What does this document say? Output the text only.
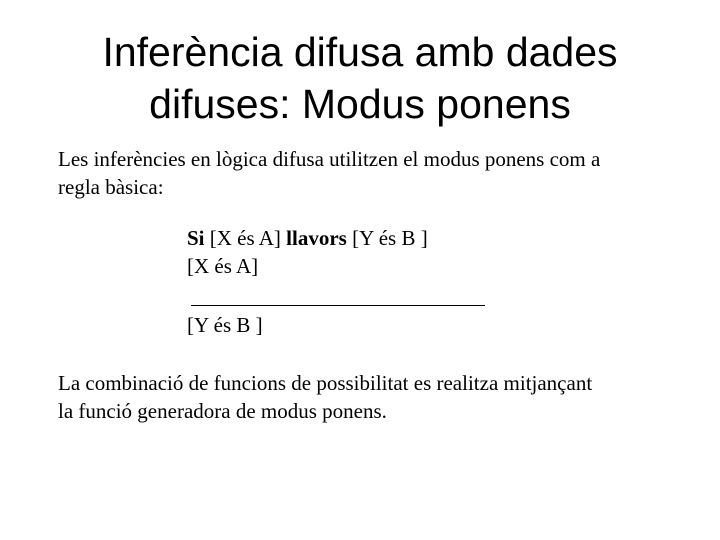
Inferència difusa amb dades
difuses: Modus ponens

Les inferències en lògica difusa utilitzen el modus ponens com a
regla bàsica:

Si [X és A] llavors [Y és B ]
[X és A]
[Y és B ]

La combinació de funcions de possibilitat es realitza mitjançant
la funció generadora de modus ponens.
